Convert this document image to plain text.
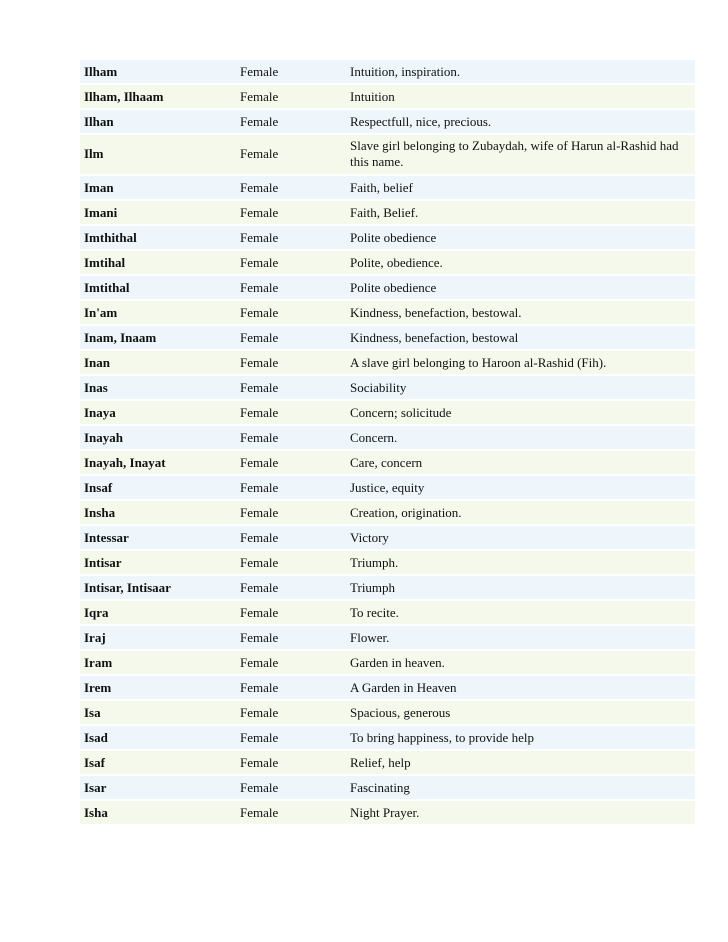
Ilham	Female	Intuition, inspiration.
Ilham, Ilhaam	Female	Intuition
Ilhan	Female	Respectfull, nice, precious.
Ilm	Female	Slave girl belonging to Zubaydah, wife of Harun al-Rashid had this name.
Iman	Female	Faith, belief
Imani	Female	Faith, Belief.
Imthithal	Female	Polite obedience
Imtihal	Female	Polite, obedience.
Imtithal	Female	Polite obedience
In'am	Female	Kindness, benefaction, bestowal.
Inam, Inaam	Female	Kindness, benefaction, bestowal
Inan	Female	A slave girl belonging to Haroon al-Rashid (Fih).
Inas	Female	Sociability
Inaya	Female	Concern; solicitude
Inayah	Female	Concern.
Inayah, Inayat	Female	Care, concern
Insaf	Female	Justice, equity
Insha	Female	Creation, origination.
Intessar	Female	Victory
Intisar	Female	Triumph.
Intisar, Intisaar	Female	Triumph
Iqra	Female	To recite.
Iraj	Female	Flower.
Iram	Female	Garden in heaven.
Irem	Female	A Garden in Heaven
Isa	Female	Spacious, generous
Isad	Female	To bring happiness, to provide help
Isaf	Female	Relief, help
Isar	Female	Fascinating
Isha	Female	Night Prayer.
